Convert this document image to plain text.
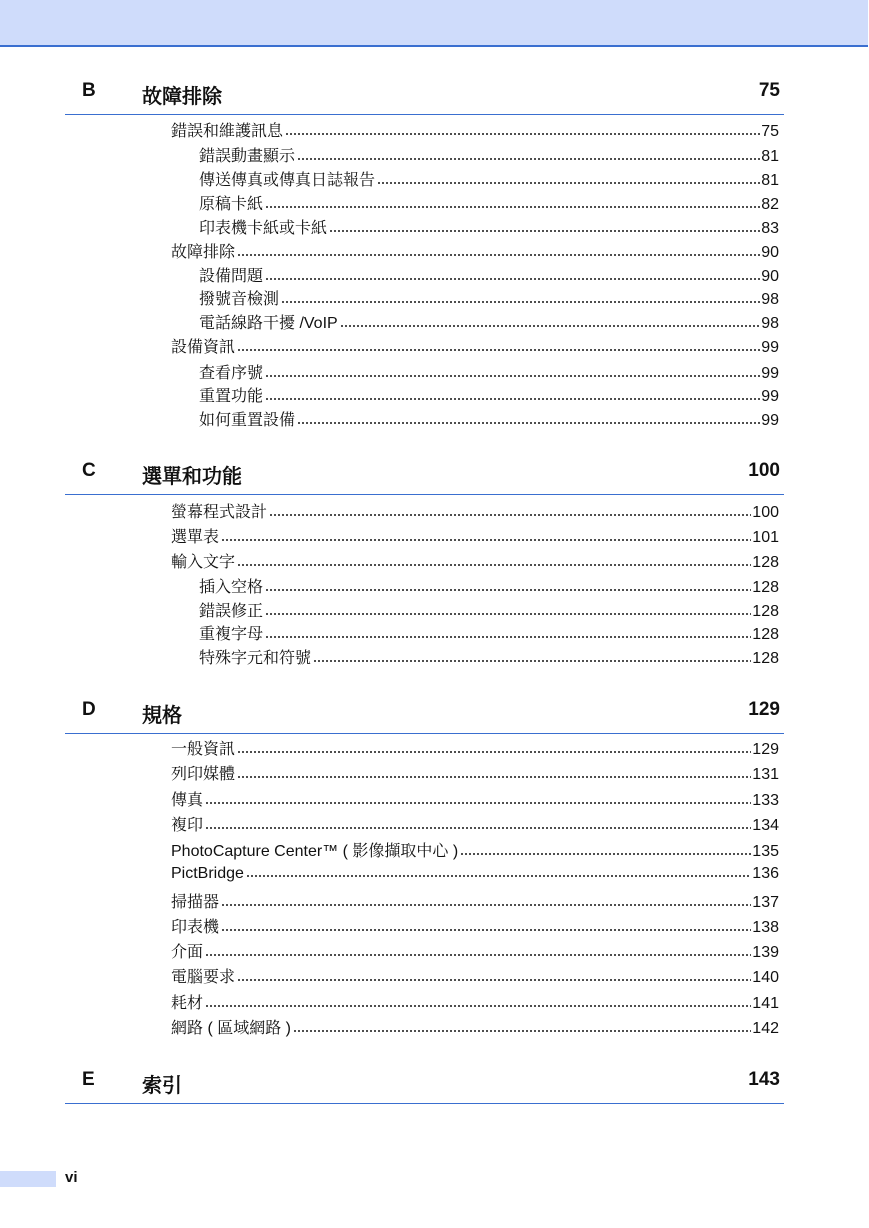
B 故障排除	75
錯誤和維護訊息	75
錯誤動畫顯示	81
傳送傳真或傳真日誌報告	81
原稿卡紙	82
印表機卡紙或卡紙	83
故障排除	90
設備問題	90
撥號音檢測	98
電話線路干擾 /VoIP	98
設備資訊	99
查看序號	99
重置功能	99
如何重置設備	99
C 選單和功能	100
螢幕程式設計	100
選單表	101
輸入文字	128
插入空格	128
錯誤修正	128
重複字母	128
特殊字元和符號	128
D 規格	129
一般資訊	129
列印媒體	131
傳真	133
複印	134
PhotoCapture Center™ ( 影像擷取中心 )	135
PictBridge	136
掃描器	137
印表機	138
介面	139
電腦要求	140
耗材	141
網路 ( 區域網路 )	142
E 索引	143
vi
